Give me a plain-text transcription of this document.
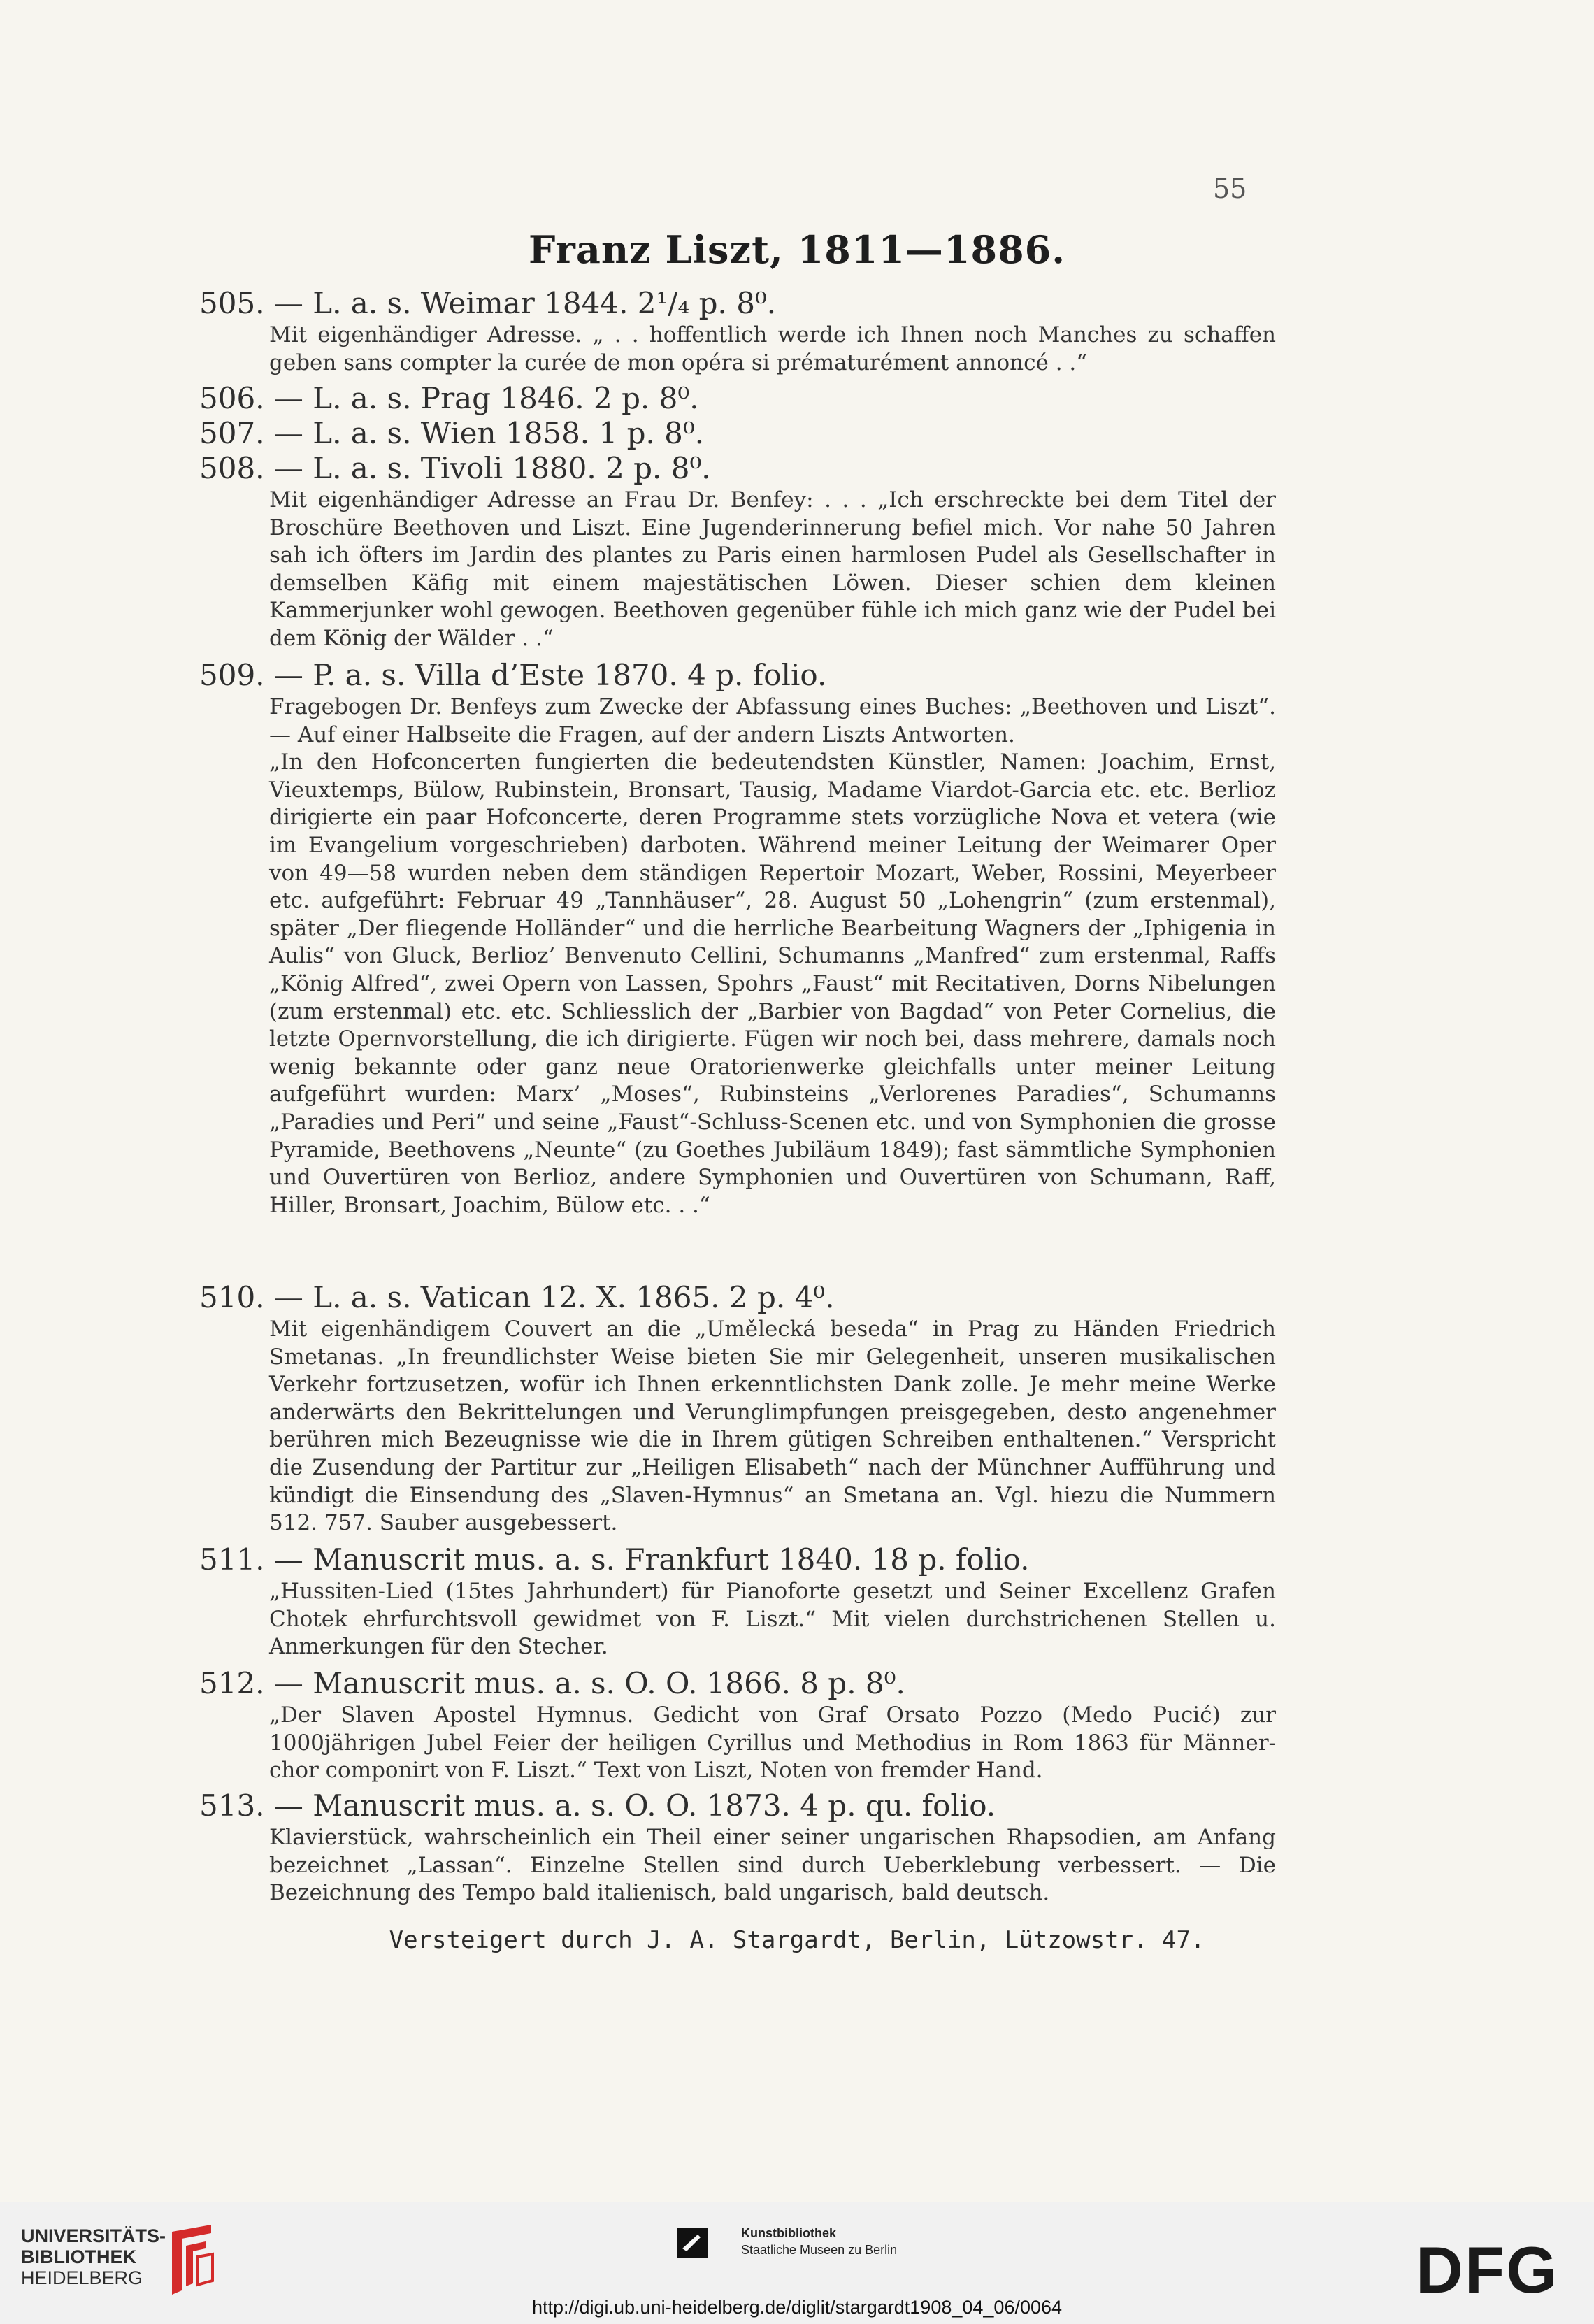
55
Franz Liszt, 1811—1886.
505. — L. a. s. Weimar 1844. 2¹/₄ p. 8⁰.

Mit eigenhändiger Adresse. „ . . hoffentlich werde ich Ihnen noch Manches zu schaffen geben sans compter la curée de mon opéra si prématurément annoncé . .“

506. — L. a. s. Prag 1846. 2 p. 8⁰.
507. — L. a. s. Wien 1858. 1 p. 8⁰.
508. — L. a. s. Tivoli 1880. 2 p. 8⁰.

Mit eigenhändiger Adresse an Frau Dr. Benfey: . . . „Ich erschreckte bei dem Titel der Broschüre Beethoven und Liszt. Eine Jugenderinnerung befiel mich. Vor nahe 50 Jahren sah ich öfters im Jardin des plantes zu Paris einen harmlosen Pudel als Gesellschafter in demselben Käfig mit einem majestätischen Löwen. Dieser schien dem kleinen Kammerjunker wohl gewogen. Beethoven gegenüber fühle ich mich ganz wie der Pudel bei dem König der Wälder . .“

509. — P. a. s. Villa d’Este 1870. 4 p. folio.

Fragebogen Dr. Benfeys zum Zwecke der Abfassung eines Buches: „Beethoven und Liszt“. — Auf einer Halbseite die Fragen, auf der andern Liszts Antworten.

„In den Hofconcerten fungierten die bedeutendsten Künstler, Namen: Joachim, Ernst, Vieuxtemps, Bülow, Rubinstein, Bronsart, Tausig, Madame Viardot-Garcia etc. etc. Berlioz dirigierte ein paar Hofconcerte, deren Programme stets vorzügliche Nova et vetera (wie im Evangelium vorgeschrieben) darboten. Während meiner Leitung der Weimarer Oper von 49—58 wurden neben dem ständigen Repertoir Mozart, Weber, Rossini, Meyerbeer etc. aufgeführt: Februar 49 „Tannhäuser“, 28. August 50 „Lohengrin“ (zum erstenmal), später „Der fliegende Holländer“ und die herrliche Bearbeitung Wagners der „Iphigenia in Aulis“ von Gluck, Berlioz’ Benvenuto Cellini, Schumanns „Manfred“ zum erstenmal, Raffs „König Alfred“, zwei Opern von Lassen, Spohrs „Faust“ mit Recitativen, Dorns Nibelungen (zum erstenmal) etc. etc. Schliesslich der „Barbier von Bagdad“ von Peter Cornelius, die letzte Opernvorstellung, die ich dirigierte. Fügen wir noch bei, dass mehrere, damals noch wenig bekannte oder ganz neue Oratorienwerke gleichfalls unter meiner Leitung aufgeführt wurden: Marx’ „Moses“, Rubinsteins „Verlorenes Paradies“, Schumanns „Paradies und Peri“ und seine „Faust“-Schluss-Scenen etc. und von Symphonien die grosse Pyramide, Beethovens „Neunte“ (zu Goethes Jubiläum 1849); fast sämmtliche Symphonien und Ouvertüren von Berlioz, andere Symphonien und Ouvertüren von Schumann, Raff, Hiller, Bronsart, Joachim, Bülow etc. . .“

510. — L. a. s. Vatican 12. X. 1865. 2 p. 4⁰.

Mit eigenhändigem Couvert an die „Umělecká beseda“ in Prag zu Händen Friedrich Smetanas. „In freundlichster Weise bieten Sie mir Gelegenheit, unseren musikalischen Verkehr fortzusetzen, wofür ich Ihnen erkenntlichsten Dank zolle. Je mehr meine Werke anderwärts den Bekrittelungen und Verunglimpfungen preisgegeben, desto angenehmer berühren mich Bezeugnisse wie die in Ihrem gütigen Schreiben enthaltenen.“ Verspricht die Zusendung der Partitur zur „Heiligen Elisabeth“ nach der Münchner Aufführung und kündigt die Einsendung des „Slaven-Hymnus“ an Smetana an. Vgl. hiezu die Nummern 512. 757. Sauber ausgebessert.

511. — Manuscrit mus. a. s. Frankfurt 1840. 18 p. folio.

„Hussiten-Lied (15tes Jahrhundert) für Pianoforte gesetzt und Seiner Excellenz Grafen Chotek ehrfurchtsvoll gewidmet von F. Liszt.“ Mit vielen durchstrichenen Stellen u. Anmerkungen für den Stecher.

512. — Manuscrit mus. a. s. O. O. 1866. 8 p. 8⁰.

„Der Slaven Apostel Hymnus. Gedicht von Graf Orsato Pozzo (Medo Pucić) zur 1000jährigen Jubel Feier der heiligen Cyrillus und Methodius in Rom 1863 für Männer-chor componirt von F. Liszt.“ Text von Liszt, Noten von fremder Hand.

513. — Manuscrit mus. a. s. O. O. 1873. 4 p. qu. folio.

Klavierstück, wahrscheinlich ein Theil einer seiner ungarischen Rhapsodien, am Anfang bezeichnet „Lassan“. Einzelne Stellen sind durch Ueberklebung verbessert. — Die Bezeichnung des Tempo bald italienisch, bald ungarisch, bald deutsch.

Versteigert durch J. A. Stargardt, Berlin, Lützowstr. 47.
UNIVERSITÄTS-
BIBLIOTHEK
HEIDELBERG
Kunstbibliothek
Staatliche Museen zu Berlin	DFG
http://digi.ub.uni-heidelberg.de/diglit/stargardt1908_04_06/0064
